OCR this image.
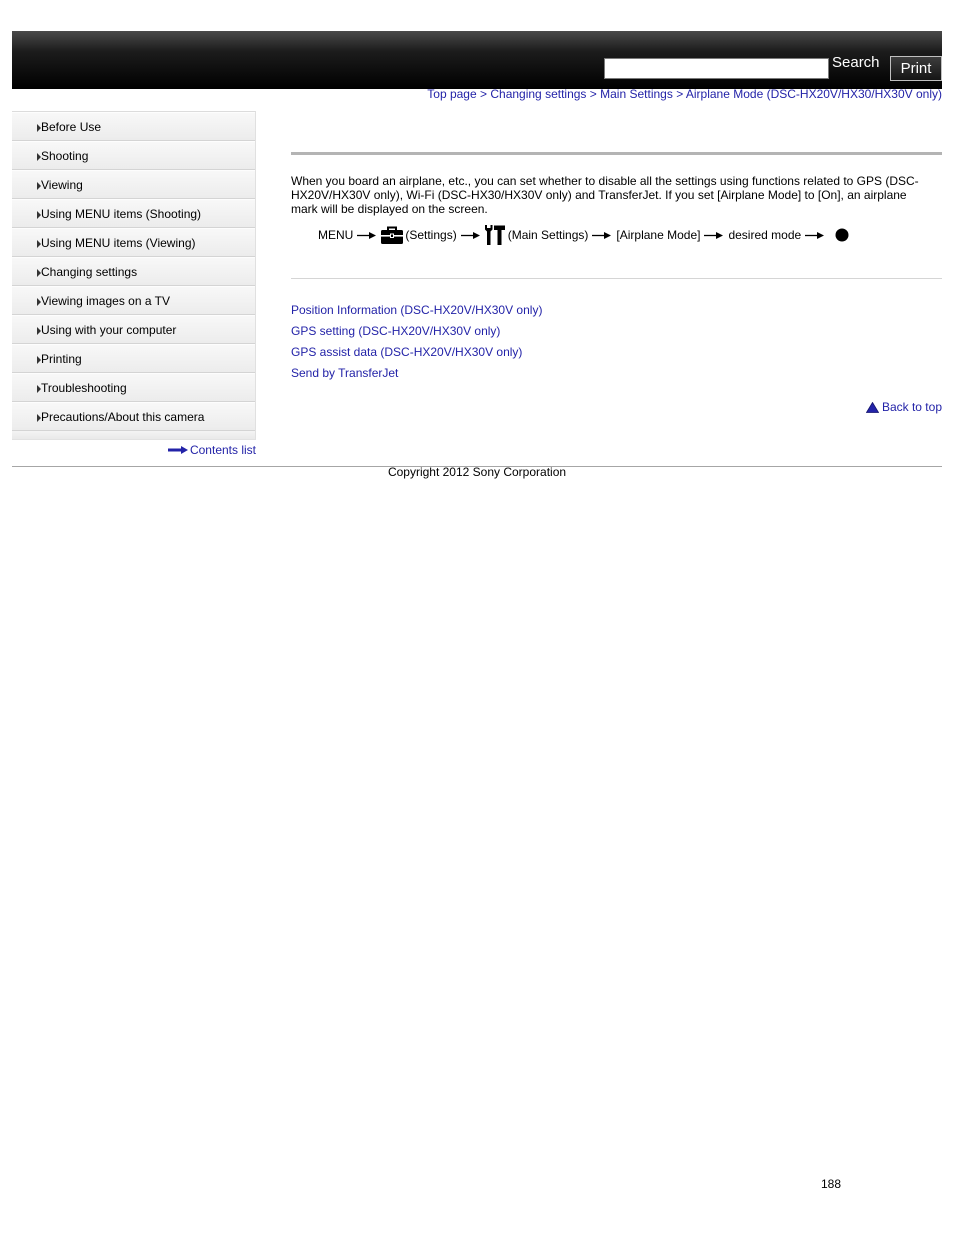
Search	Print
Top page > Changing settings > Main Settings > Airplane Mode (DSC-HX20V/HX30/HX30V only)
Before Use
Shooting
Viewing
Using MENU items (Shooting)
Using MENU items (Viewing)
Changing settings
Viewing images on a TV
Using with your computer
Printing
Troubleshooting
Precautions/About this camera
Contents list

When you board an airplane, etc., you can set whether to disable all the settings using functions related to GPS (DSC-HX20V/HX30V only), Wi-Fi (DSC-HX30/HX30V only) and TransferJet. If you set [Airplane Mode] to [On], an airplane mark will be displayed on the screen.

MENU	(Settings)	(Main Settings) [Airplane Mode] desired mode
Position Information (DSC-HX20V/HX30V only)
GPS setting (DSC-HX20V/HX30V only)
GPS assist data (DSC-HX20V/HX30V only)
Send by TransferJet
Back to top
Copyright 2012 Sony Corporation
188
